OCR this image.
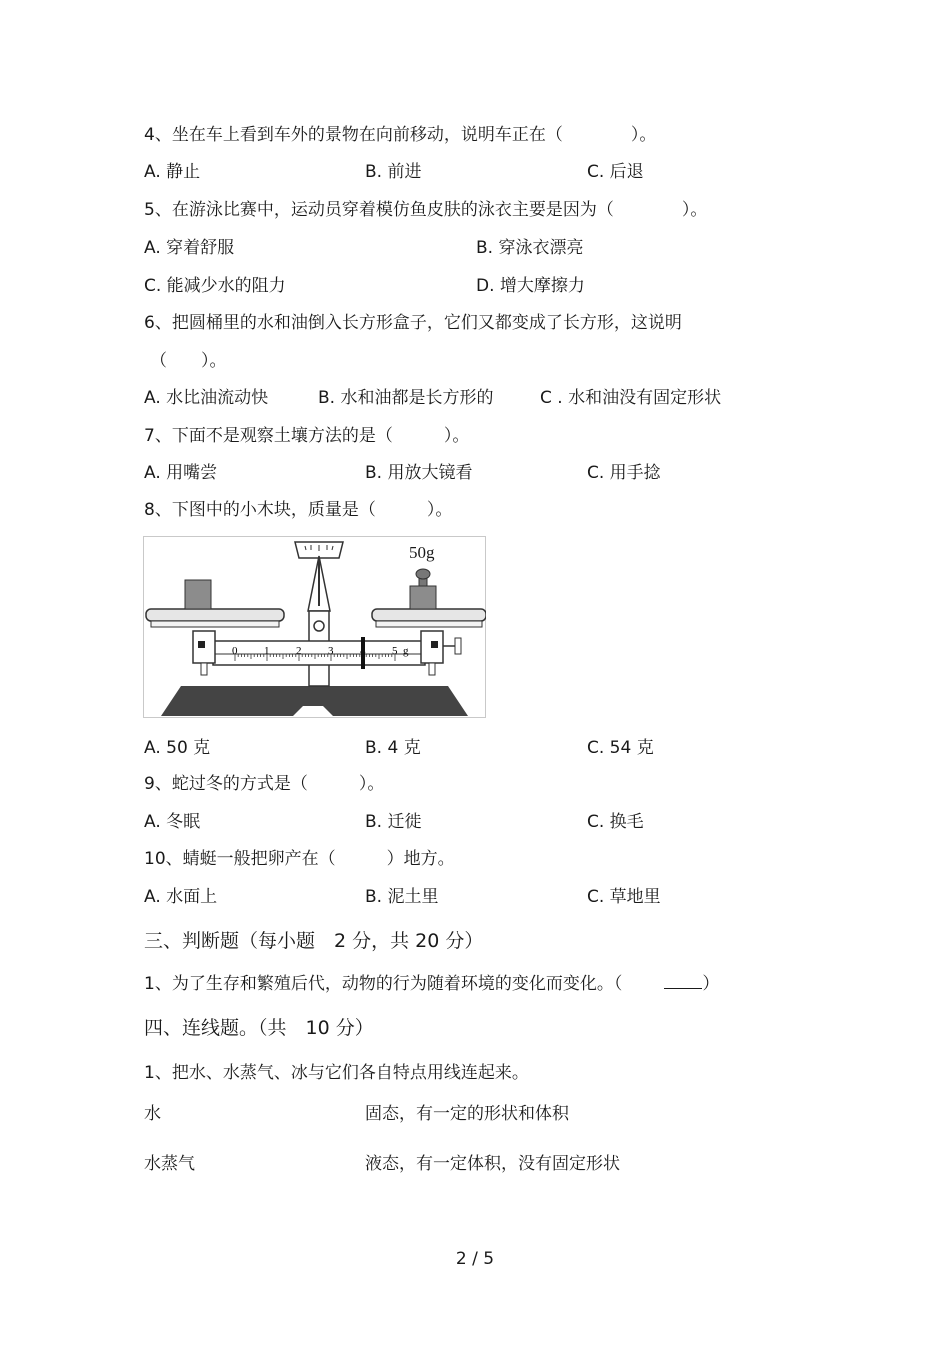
4、坐在车上看到车外的景物在向前移动，说明车正在（　　　　）。
A. 静止	B. 前进	C. 后退
5、在游泳比赛中，运动员穿着模仿鱼皮肤的泳衣主要是因为（　　　　）。
A. 穿着舒服	B. 穿泳衣漂亮
C. 能减少水的阻力	D. 增大摩擦力
6、把圆桶里的水和油倒入长方形盒子，它们又都变成了长方形，这说明
（　　）。
A. 水比油流动快	B. 水和油都是长方形的	C . 水和油没有固定形状
7、下面不是观察土壤方法的是（　　　）。
A. 用嘴尝	B. 用放大镜看	C. 用手捻
8、下图中的小木块，质量是（　　　）。
50g
0 1 2 3	5 g
A. 50 克	B. 4 克	C. 54 克
9、蛇过冬的方式是（　　　）。
A. 冬眠	B. 迁徙	C. 换毛
10、蜻蜓一般把卵产在（　　　）地方。
A. 水面上	B. 泥土里	C. 草地里
三、判断题（每小题　2 分，共 20 分）
1、为了生存和繁殖后代，动物的行为随着环境的变化而变化。（	）
四、连线题。（共　10 分）
1、把水、水蒸气、冰与它们各自特点用线连起来。
水	固态，有一定的形状和体积
水蒸气	液态，有一定体积，没有固定形状
2 / 5
